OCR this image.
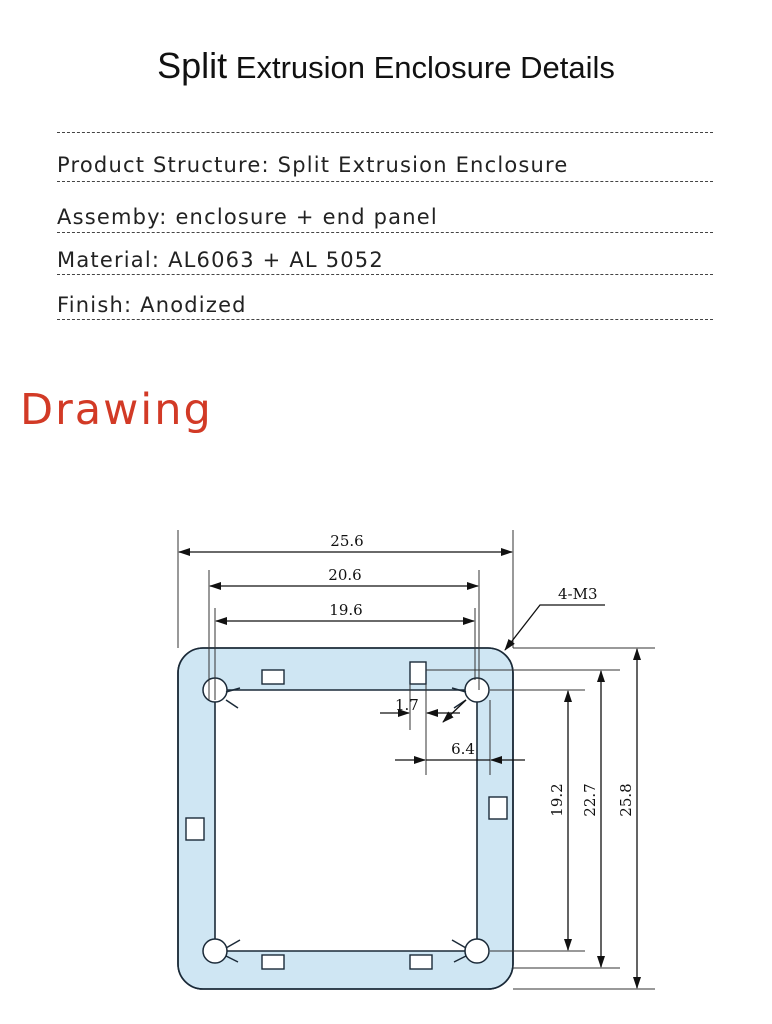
Split Extrusion Enclosure Details
Product Structure: Split Extrusion Enclosure
Assemby: enclosure + end panel
Material: AL6063 + AL 5052
Finish: Anodized
Drawing
25.6
20.6
19.6
4-M3
1.7
6.4
19.2 22.7 25.8
